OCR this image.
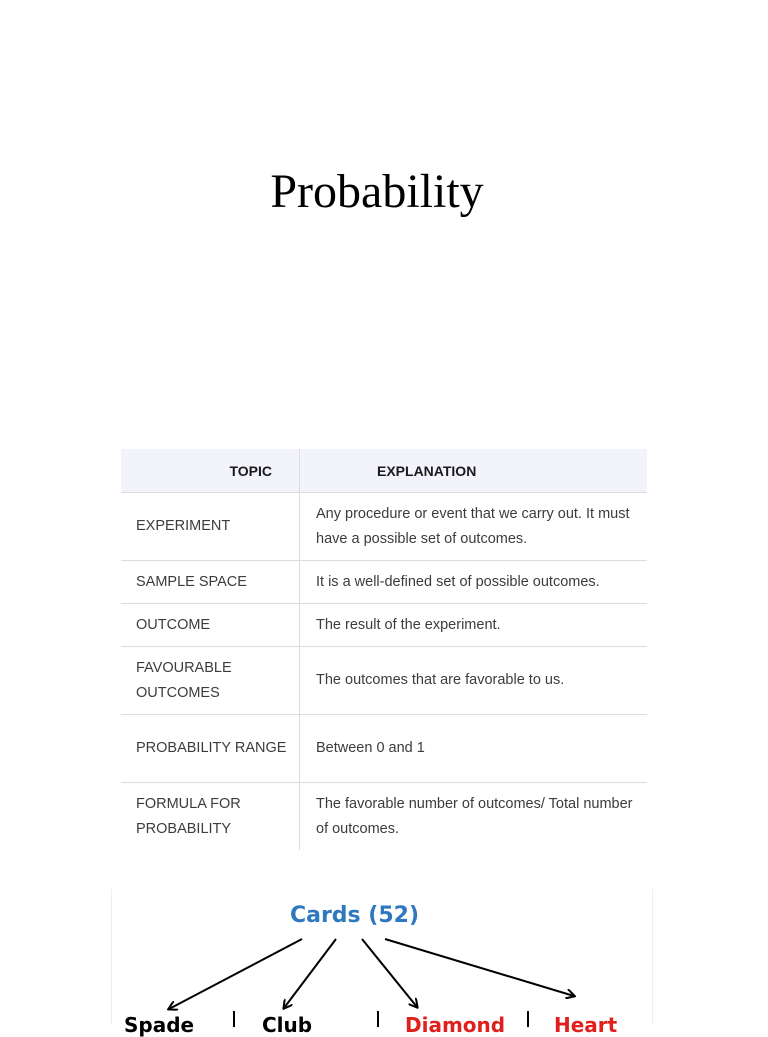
Probability
TOPIC	EXPLANATION
EXPERIMENT	Any procedure or event that we carry out. It must have a possible set of outcomes.
SAMPLE SPACE	It is a well-defined set of possible outcomes.
OUTCOME	The result of the experiment.
FAVOURABLE OUTCOMES	The outcomes that are favorable to us.
PROBABILITY RANGE	Between 0 and 1
FORMULA FOR PROBABILITY	The favorable number of outcomes/ Total number of outcomes.
Cards (52)
Spade	Club	Diamond Heart
